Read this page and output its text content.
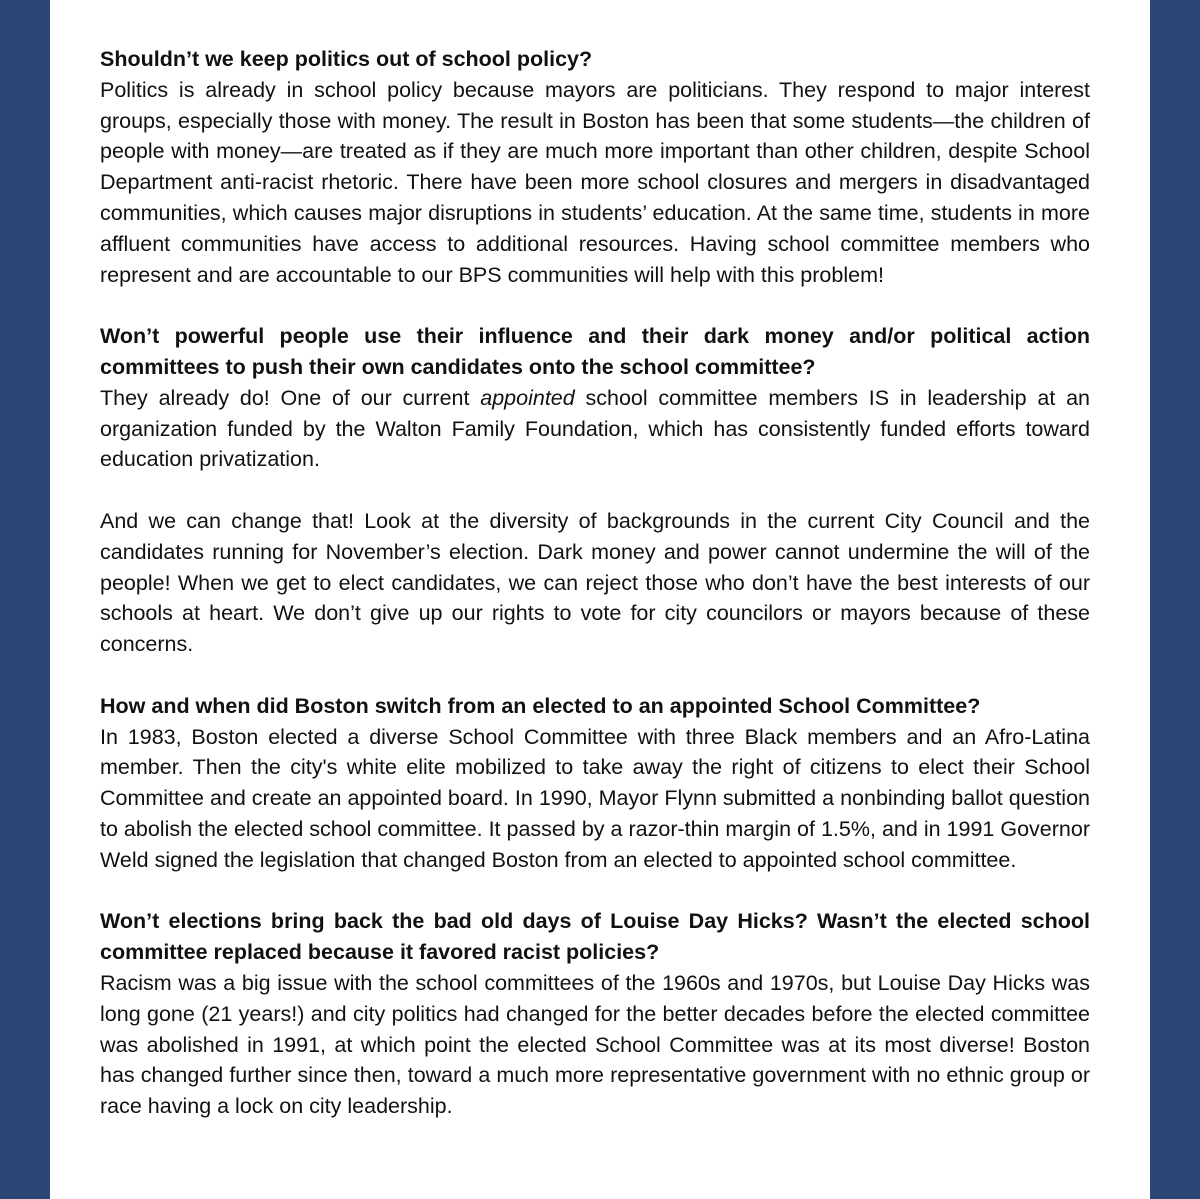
Shouldn’t we keep politics out of school policy?

Politics is already in school policy because mayors are politicians. They respond to major interest groups, especially those with money. The result in Boston has been that some students—the children of people with money—are treated as if they are much more important than other children, despite School Department anti-racist rhetoric. There have been more school closures and mergers in disadvantaged communities, which causes major disruptions in students’ education. At the same time, students in more affluent communities have access to additional resources. Having school committee members who represent and are accountable to our BPS communities will help with this problem!

Won’t powerful people use their influence and their dark money and/or political action committees to push their own candidates onto the school committee?

They already do! One of our current appointed school committee members IS in leadership at an organization funded by the Walton Family Foundation, which has consistently funded efforts toward education privatization.

And we can change that! Look at the diversity of backgrounds in the current City Council and the candidates running for November’s election. Dark money and power cannot undermine the will of the people! When we get to elect candidates, we can reject those who don’t have the best interests of our schools at heart. We don’t give up our rights to vote for city councilors or mayors because of these concerns.

How and when did Boston switch from an elected to an appointed School Committee?

In 1983, Boston elected a diverse School Committee with three Black members and an Afro-Latina member. Then the city's white elite mobilized to take away the right of citizens to elect their School Committee and create an appointed board. In 1990, Mayor Flynn submitted a nonbinding ballot question to abolish the elected school committee. It passed by a razor-thin margin of 1.5%, and in 1991 Governor Weld signed the legislation that changed Boston from an elected to appointed school committee.

Won’t elections bring back the bad old days of Louise Day Hicks? Wasn’t the elected school committee replaced because it favored racist policies?

Racism was a big issue with the school committees of the 1960s and 1970s, but Louise Day Hicks was long gone (21 years!) and city politics had changed for the better decades before the elected committee was abolished in 1991, at which point the elected School Committee was at its most diverse! Boston has changed further since then, toward a much more representative government with no ethnic group or race having a lock on city leadership.
